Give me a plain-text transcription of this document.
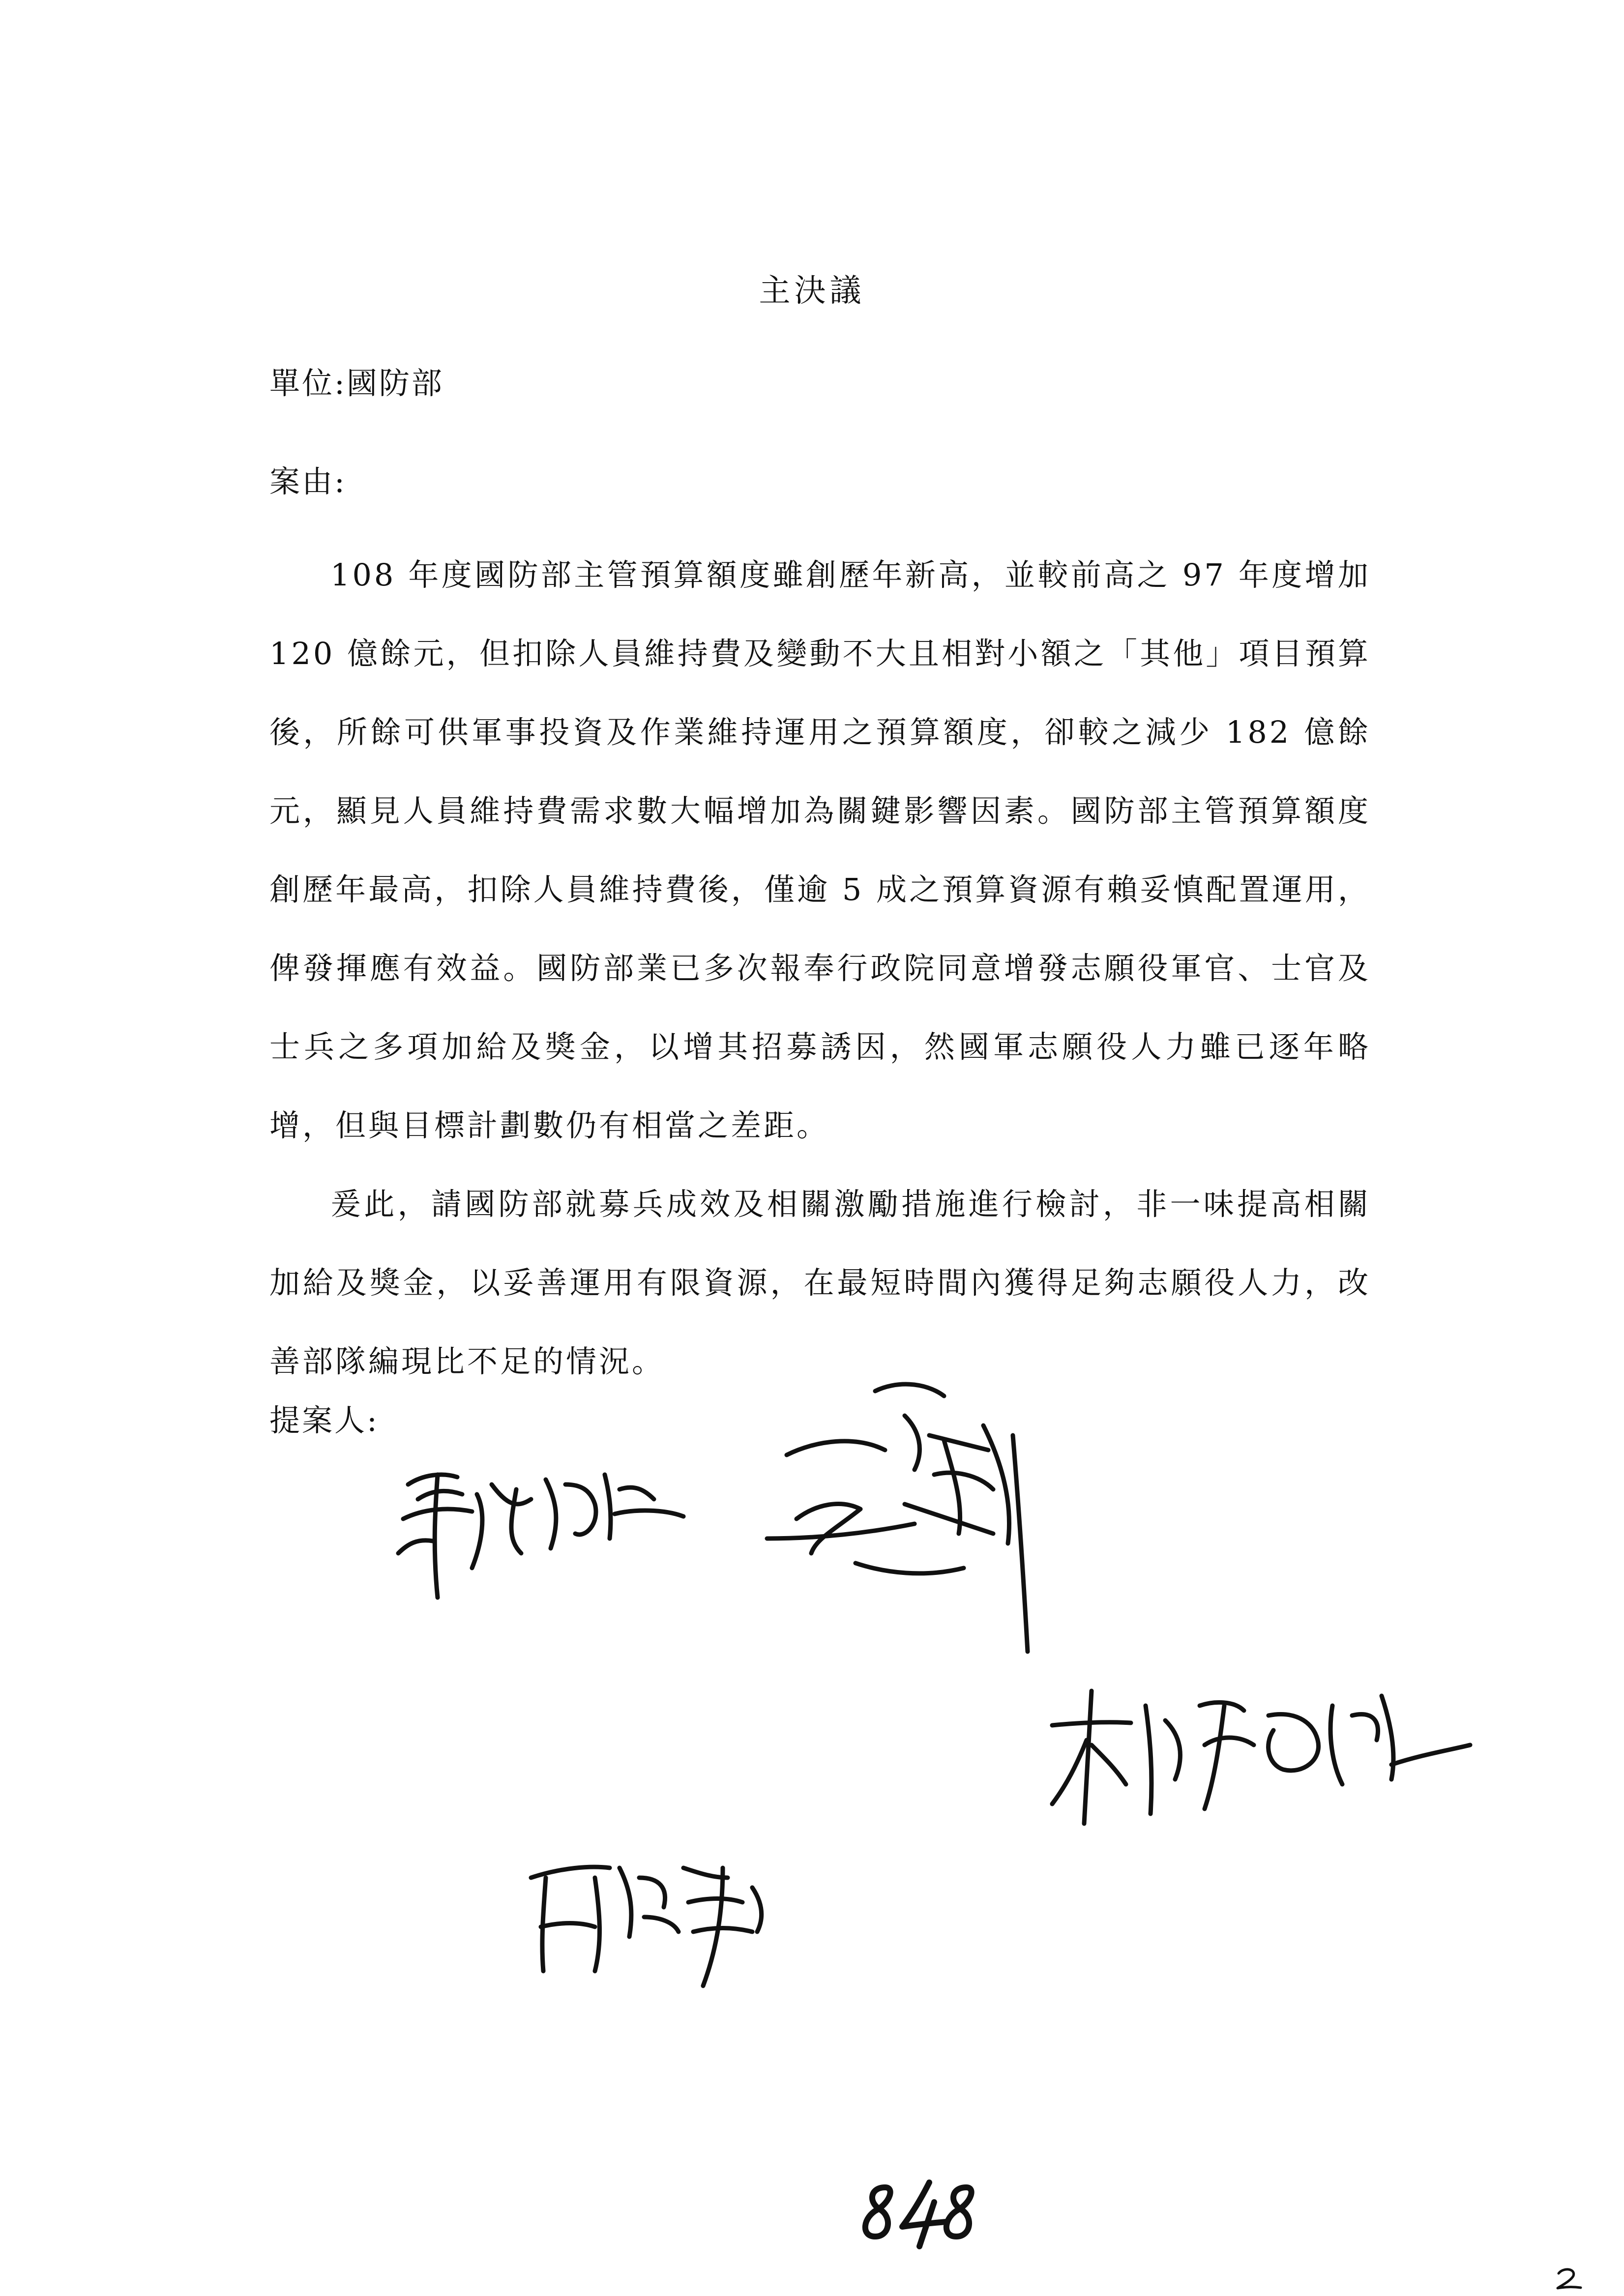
主決議
單位:國防部
案由:

108 年度國防部主管預算額度雖創歷年新高，並較前高之 97 年度增加 120 億餘元，但扣除人員維持費及變動不大且相對小額之「其他」項目預算後，所餘可供軍事投資及作業維持運用之預算額度，卻較之減少 182 億餘元，顯見人員維持費需求數大幅增加為關鍵影響因素。國防部主管預算額度創歷年最高，扣除人員維持費後，僅逾 5 成之預算資源有賴妥慎配置運用，俾發揮應有效益。國防部業已多次報奉行政院同意增發志願役軍官、士官及士兵之多項加給及獎金，以增其招募誘因，然國軍志願役人力雖已逐年略增，但與目標計劃數仍有相當之差距。

爰此，請國防部就募兵成效及相關激勵措施進行檢討，非一味提高相關加給及獎金，以妥善運用有限資源，在最短時間內獲得足夠志願役人力，改善部隊編現比不足的情況。

提案人:
